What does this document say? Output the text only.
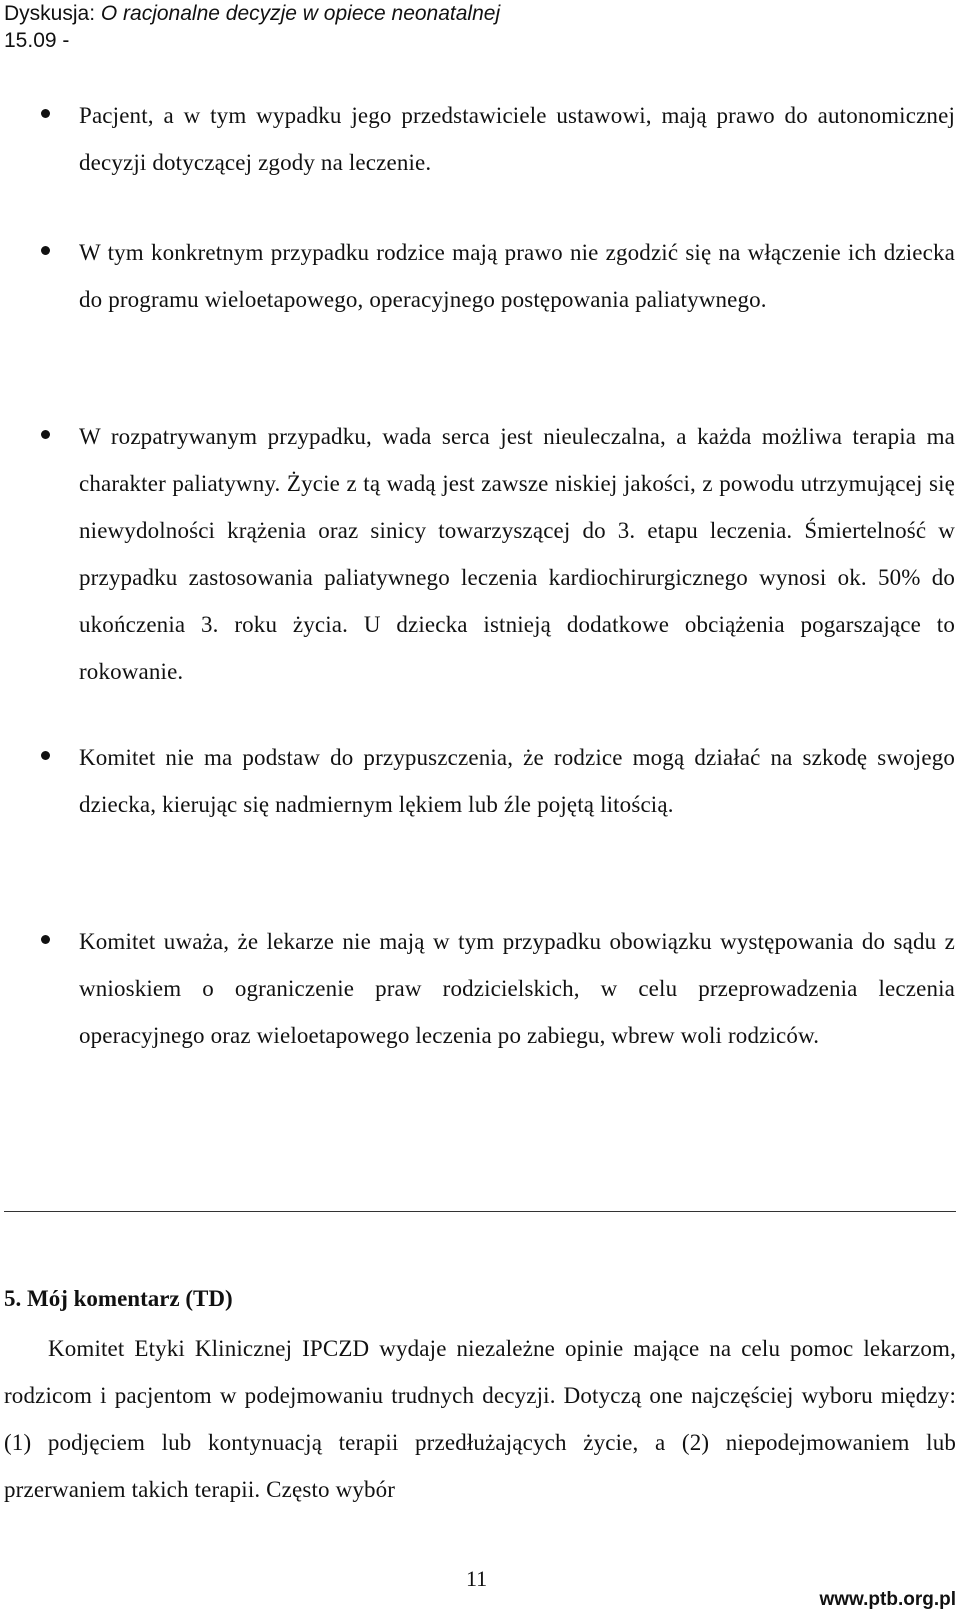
Dyskusja: O racjonalne decyzje w opiece neonatalnej
15.09 -
Pacjent, a w tym wypadku jego przedstawiciele ustawowi, mają prawo do autonomicznej decyzji dotyczącej zgody na leczenie.
W tym konkretnym przypadku rodzice mają prawo nie zgodzić się na włączenie ich dziecka do programu wieloetapowego, operacyjnego postępowania paliatywnego.
W rozpatrywanym przypadku, wada serca jest nieuleczalna, a każda możliwa terapia ma charakter paliatywny. Życie z tą wadą jest zawsze niskiej jakości, z powodu utrzymującej się niewydolności krążenia oraz sinicy towarzyszącej do 3. etapu leczenia. Śmiertelność w przypadku zastosowania paliatywnego leczenia kardiochirurgicznego wynosi ok. 50% do ukończenia 3. roku życia. U dziecka istnieją dodatkowe obciążenia pogarszające to rokowanie.
Komitet nie ma podstaw do przypuszczenia, że rodzice mogą działać na szkodę swojego dziecka, kierując się nadmiernym lękiem lub źle pojętą litością.
Komitet uważa, że lekarze nie mają w tym przypadku obowiązku występowania do sądu z wnioskiem o ograniczenie praw rodzicielskich, w celu przeprowadzenia leczenia operacyjnego oraz wieloetapowego leczenia po zabiegu, wbrew woli rodziców.
5. Mój komentarz (TD)
Komitet Etyki Klinicznej IPCZD wydaje niezależne opinie mające na celu pomoc lekarzom, rodzicom i pacjentom w podejmowaniu trudnych decyzji. Dotyczą one najczęściej wyboru między: (1) podjęciem lub kontynuacją terapii przedłużających życie, a (2) niepodejmowaniem lub przerwaniem takich terapii. Często wybór
11
www.ptb.org.pl
